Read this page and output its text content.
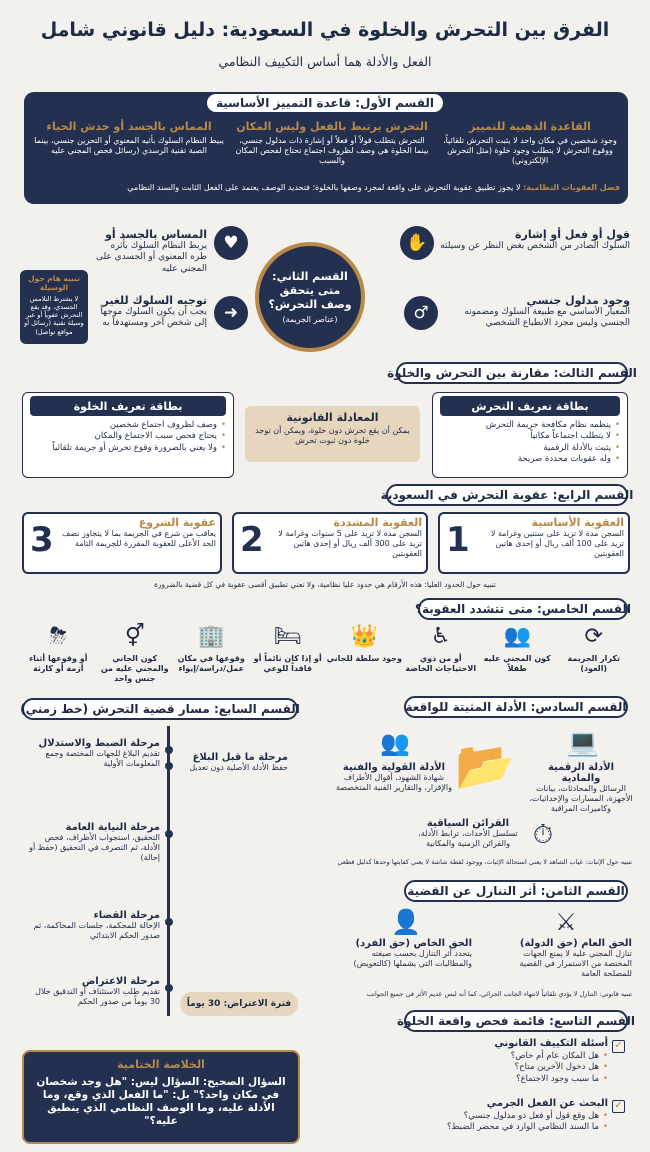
الفرق بين التحرش والخلوة في السعودية: دليل قانوني شامل
الفعل والأدلة هما أساس التكييف النظامي
القسم الأول: قاعدة التمييز الأساسية
القاعدة الذهبية للتمييز
وجود شخصين في مكان واحد لا يثبت التحرش تلقائياً، ووقوع التحرش لا يتطلب وجود خلوة (مثل التحرش الإلكتروني)
التحرش يرتبط بالفعل وليس المكان
التحرش يتطلب قولاً أو فعلاً أو إشارة ذات مدلول جنسي، بينما الخلوة هي وصف لظروف اجتماع تحتاج لفحص المكان والسبب
المماس بالجسد أو خدش الحياء
يبيط النظام السلوك بأثيه المعنوي أو التحرين جنسي، بينما الصبة تقنية الرسدي (رسائل فحص المجني عليه
فصل العقوبات النظامية: لا يجوز تطبيق عقوبة التحرش على واقعة لمجرد وصفها بالخلوة؛ فتحديد الوصف يعتمد على الفعل الثابت والسند النظامي
القسم الثاني: متى يتحقق وصف التحرش؟
(عناصر الجريمة)
✋	قول أو فعل أو إشارة
السلوك الصادر من الشخص بغض النظر عن وسيلته
♂
وجود مدلول جنسي
المعيار الأساسي مع طبيعة السلوك ومضمونه الجنسي وليس مجرد الانطباع الشخصي
♥
المساس بالجسد أو
يربط النظام السلوك بأثره طره المعنوي أو الجسدي على المجني عليه
➜
توجيه السلوك للغير
يجب أن يكون السلوك موجهاً إلى شخص آخر ومستهدفاً به
تنبيه هام حول الوسيلة
لا يشترط التلامس الجسدي، وقد يقع التحرش عفوياً أو عبر وسيلة تقنية (رسائل أو مواقع تواصل)
القسم الثالث: مقارنة بين التحرش والخلوة
بطاقة تعريف التحرش
• ينظمه نظام مكافحة جريمة التحرش
• لا يتطلب اجتماعاً مكانياً
• يثبت بالأدلة الرقمية
• وله عقوبات محددة صريحة
المعادلة القانونية
يمكن أن يقع تحرش دون خلوة، ويمكن أن توجد خلوة دون ثبوت تحرش
بطاقة تعريف الخلوة
• وصف لظروف اجتماع شخصين
• يحتاج فحص سبب الاجتماع والمكان
• ولا يعني بالضرورة وقوع تحرش أو جريمة تلقائياً
القسم الرابع: عقوبة التحرش في السعودية
1	العقوبة الأساسية
السجن مدة لا تزيد على سنتين وغرامة لا تزيد على 100 ألف ريال أو إحدى هاتين العقوبتين
2	العقوبة المشددة
السجن مدة لا تزيد على 5 سنوات وغرامة لا تزيد على 300 ألف ريال أو إحدى هاتين العقوبتين
3	عقوبة الشروع
يعاقب من شرع في الجريمة بما لا يتجاوز نصف الحد الأعلى للعقوبة المقررة للجريمة التامة
تنبيه حول الحدود العليا: هذه الأرقام هي حدود عليا نظامية، ولا تعني تطبيق أقصى عقوبة في كل قضية بالضرورة
القسم الخامس: متى تتشدد العقوبة؟
⟳
تكرار الجريمة (العود)
👥
كون المجني عليه طفلاً
♿
أو من ذوي الاحتياجات الخاصة
👑
وجود سلطة للجاني
🛏
أو إذا كان نائماً أو فاقداً للوعي
🏢
وقوعها في مكان عمل/دراسة/إيواء
⚥
كون الجاني والمجني عليه من جنس واحد
⛈
أو وقوعها أثناء أزمة أو كارثة
القسم السادس: الأدلة المثبتة للواقعة
💻
الأدلة الرقمية والمادية
الرسائل والمحادثات، بيانات الأجهزة، المسارات والإحداثيات، وكاميرات المراقبة
📂
👥
الأدلة القولية والفنية
شهادة الشهود، أقوال الأطراف والإقرار، والتقارير الفنية المتخصصة
⏱
القرائن السياقية
تسلسل الأحداث، ترابط الأدلة، والقرائن الزمنية والمكانية
تنبيه حول الإثبات: غياب الشاهد لا يعني استحالة الإثبات، ووجود لقطة شاشة لا يعني كفايتها وحدها كدليل قطعي
القسم السابع: مسار قضية التحرش (خط زمني)
مرحلة ما قبل البلاغ
حفظ الأدلة الأصلية دون تعديل
مرحلة الضبط والاستدلال
تقديم البلاغ للجهات المختصة وجمع المعلومات الأولية
مرحلة النيابة العامة
التحقيق، استجواب الأطراف، فحص الأدلة، ثم التصرف في التحقيق (حفظ أو إحالة)
مرحلة القضاء
الإحالة للمحكمة، جلسات المحاكمة، ثم صدور الحكم الابتدائي
مرحلة الاعتراض
تقديم طلب الاستئناف أو التدقيق خلال 30 يوماً من صدور الحكم	فترة الاعتراض: 30 يوماً
القسم الثامن: أثر التنازل عن القضية
⚔
الحق العام (حق الدولة)
تنازل المجني عليه لا يمنع الجهات المختصة من الاستمرار في القضية للمصلحة العامة
👤
الحق الخاص (حق الفرد)
يتحدد أثر التنازل بحسب صيغته والمطالبات التي يشملها (كالتعويض)
تنبيه قانوني: التنازل لا يؤدي تلقائياً لانتهاء الجانب الجزائي، كما أنه ليس عديم الأثر في جميع الجوانب
القسم التاسع: قائمة فحص واقعة الخلوة
✓
أسئلة التكييف القانوني
• هل المكان عام أم خاص؟
• هل دخول الآخرين متاح؟
• ما سبب وجود الاجتماع؟
✓
البحث عن الفعل الجرمي
• هل وقع قول أو فعل ذو مدلول جنسي؟
• ما السند النظامي الوارد في محضر الضبط؟
الخلاصة الختامية
السؤال الصحيح: السؤال ليس: "هل وجد شخصان في مكان واحد؟" بل: "ما الفعل الذي وقع، وما الأدلة عليه، وما الوصف النظامي الذي ينطبق عليه؟"
